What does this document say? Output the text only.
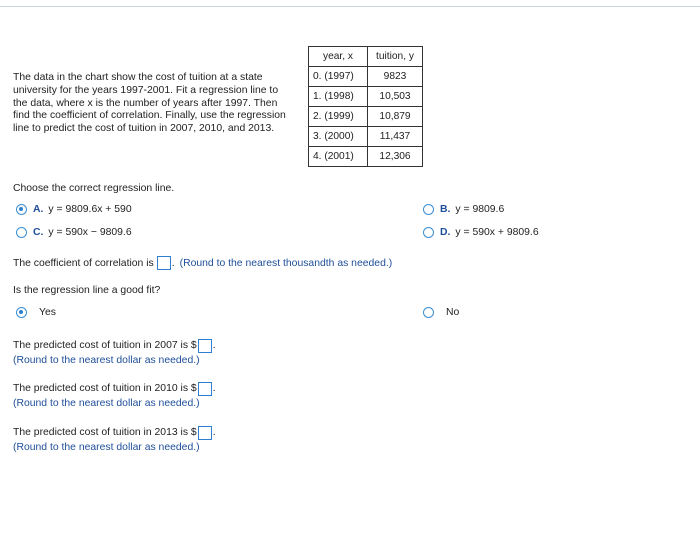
The data in the chart show the cost of tuition at a state
university for the years 1997-2001. Fit a regression line to
the data, where x is the number of years after 1997. Then
find the coefficient of correlation. Finally, use the regression
line to predict the cost of tuition in 2007, 2010, and 2013.
year, x	tuition, y
0. (1997)	9823
1. (1998)	10,503
2. (1999)	10,879
3. (2000)	11,437
4. (2001)	12,306
Choose the correct regression line.
A. y = 9809.6x + 590	B. y = 9809.6
C. y = 590x − 9809.6	D. y = 590x + 9809.6
The coefficient of correlation is . (Round to the nearest thousandth as needed.)
Is the regression line a good fit?
Yes	No
The predicted cost of tuition in 2007 is $ .
(Round to the nearest dollar as needed.)
The predicted cost of tuition in 2010 is $ .
(Round to the nearest dollar as needed.)
The predicted cost of tuition in 2013 is $ .
(Round to the nearest dollar as needed.)
